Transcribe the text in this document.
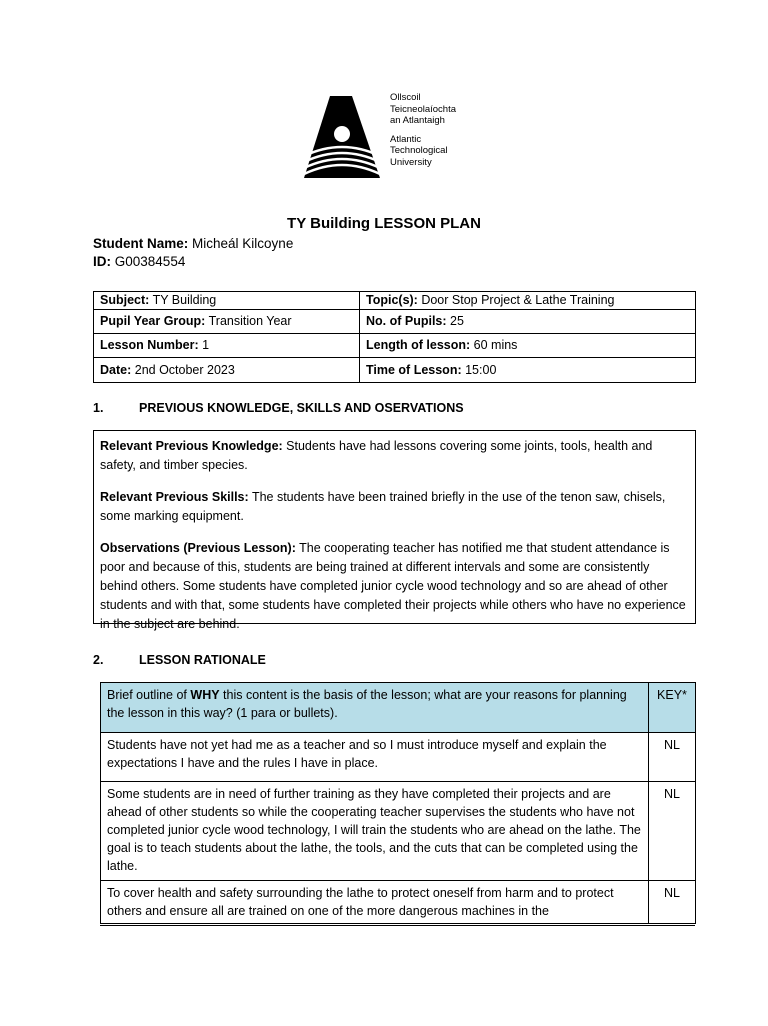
Ollscoil
Teicneolaíochta
an Atlantaigh
Atlantic
Technological
University
TY Building LESSON PLAN
Student Name: Micheál Kilcoyne
ID: G00384554
Subject: TY Building	Topic(s): Door Stop Project & Lathe Training
Pupil Year Group: Transition Year	No. of Pupils: 25
Lesson Number: 1	Length of lesson: 60 mins
Date: 2nd October 2023	Time of Lesson: 15:00
1.	PREVIOUS KNOWLEDGE, SKILLS AND OSERVATIONS

Relevant Previous Knowledge: Students have had lessons covering some joints, tools, health and safety, and timber species.

Relevant Previous Skills: The students have been trained briefly in the use of the tenon saw, chisels, some marking equipment.

Observations (Previous Lesson): The cooperating teacher has notified me that student attendance is poor and because of this, students are being trained at different intervals and some are consistently behind others. Some students have completed junior cycle wood technology and so are ahead of other students and with that, some students have completed their projects while others who have no experience in the subject are behind.

2.	LESSON RATIONALE
Brief outline of WHY this content is the basis of the lesson; what are your reasons for planning the lesson in this way? (1 para or bullets).	KEY*
Students have not yet had me as a teacher and so I must introduce myself and explain the expectations I have and the rules I have in place.	NL
Some students are in need of further training as they have completed their projects and are ahead of other students so while the cooperating teacher supervises the students who have not completed junior cycle wood technology, I will train the students who are ahead on the lathe. The goal is to teach students about the lathe, the tools, and the cuts that can be completed using the lathe.	NL
To cover health and safety surrounding the lathe to protect oneself from harm and to protect others and ensure all are trained on one of the more dangerous machines in the	NL
